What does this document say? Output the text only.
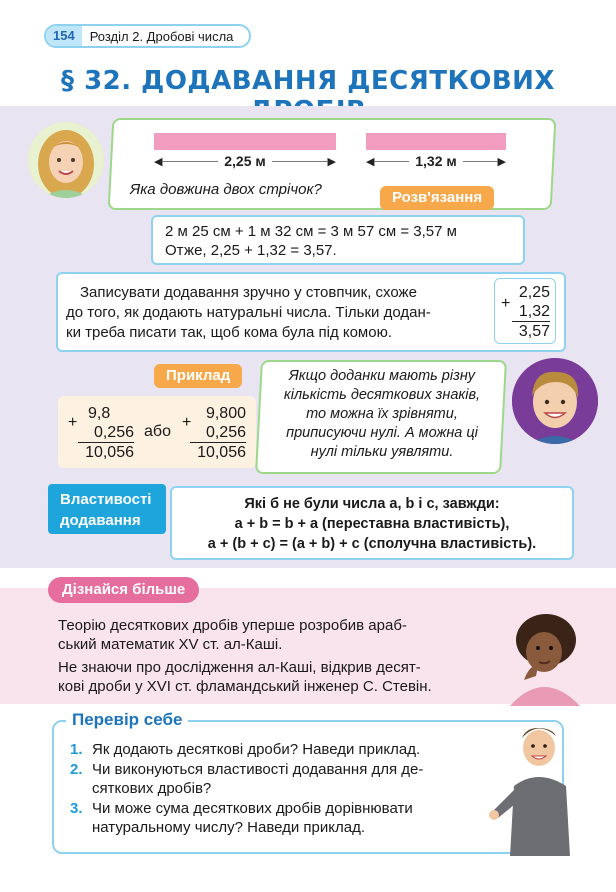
154	Розділ 2. Дробові числа
§ 32. ДОДАВАННЯ ДЕСЯТКОВИХ
◀	2,25 м	▶	◀	1,32 м	▶
Яка довжина двох стрічок?	Розв'язання
2 м 25 см + 1 м 32 см = 3 м 57 см = 3,57 м
Отже, 2,25 + 1,32 = 3,57.
Записувати додавання зручно у стовпчик, схоже
до того, як додають натуральні числа. Тільки додан-
ки треба писати так, щоб кома була під комою.
+
2,25
1,32
3,57
Приклад
+
9,8
0,256
10,056
або
+
9,800
0,256
10,056
Якщо доданки мають різну
кількість десяткових знаків,
то можна їх зрівняти,
приписуючи нулі. А можна ці
нулі тільки уявляти.
Властивості
додавання
Які б не були числа a, b і c, завжди:
a + b = b + a (переставна властивість),
a + (b + c) = (a + b) + c (сполучна властивість).
Дізнайся більше
Теорію десяткових дробів уперше розробив араб-
ський математик XV ст. ал-Каші.
Не знаючи про дослідження ал-Каші, відкрив десят-
кові дроби у XVI ст. фламандський інженер С. Стевін.
Перевір себе
1. Як додають десяткові дроби? Наведи приклад.
2. Чи виконуються властивості додавання для де-
сяткових дробів?
3. Чи може сума десяткових дробів дорівнювати
натуральному числу? Наведи приклад.
